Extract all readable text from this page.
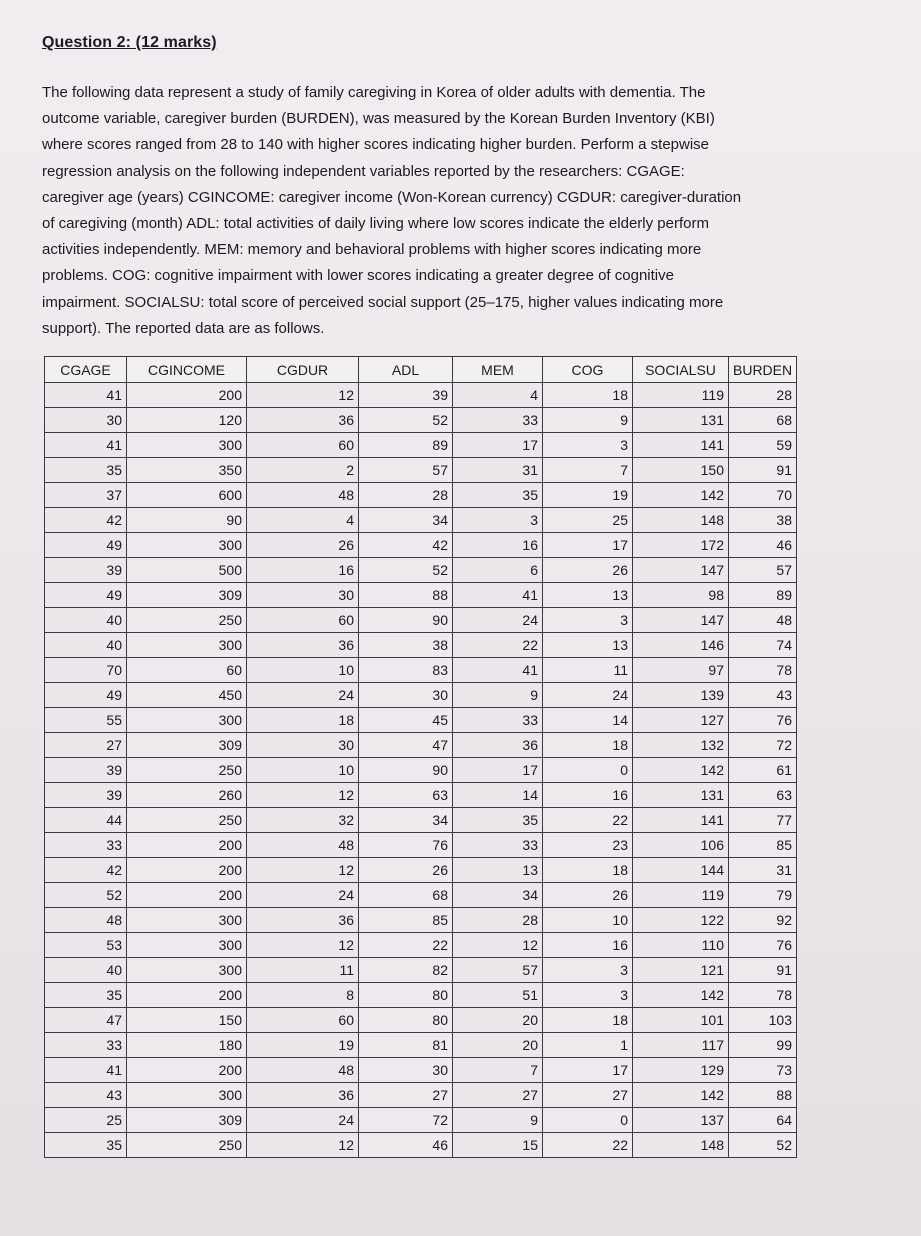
Question 2: (12 marks)

The following data represent a study of family caregiving in Korea of older adults with dementia. The
outcome variable, caregiver burden (BURDEN), was measured by the Korean Burden Inventory (KBI)
where scores ranged from 28 to 140 with higher scores indicating higher burden. Perform a stepwise
regression analysis on the following independent variables reported by the researchers: CGAGE:
caregiver age (years) CGINCOME: caregiver income (Won-Korean currency) CGDUR: caregiver-duration
of caregiving (month) ADL: total activities of daily living where low scores indicate the elderly perform
activities independently. MEM: memory and behavioral problems with higher scores indicating more
problems. COG: cognitive impairment with lower scores indicating a greater degree of cognitive
impairment. SOCIALSU: total score of perceived social support (25–175, higher values indicating more
support). The reported data are as follows.

CGAGE	CGINCOME	CGDUR	ADL	MEM	COG	SOCIALSU	BURDEN
41	200	12	39	4	18	119	28
30	120	36	52	33	9	131	68
41	300	60	89	17	3	141	59
35	350	2	57	31	7	150	91
37	600	48	28	35	19	142	70
42	90	4	34	3	25	148	38
49	300	26	42	16	17	172	46
39	500	16	52	6	26	147	57
49	309	30	88	41	13	98	89
40	250	60	90	24	3	147	48
40	300	36	38	22	13	146	74
70	60	10	83	41	11	97	78
49	450	24	30	9	24	139	43
55	300	18	45	33	14	127	76
27	309	30	47	36	18	132	72
39	250	10	90	17	0	142	61
39	260	12	63	14	16	131	63
44	250	32	34	35	22	141	77
33	200	48	76	33	23	106	85
42	200	12	26	13	18	144	31
52	200	24	68	34	26	119	79
48	300	36	85	28	10	122	92
53	300	12	22	12	16	110	76
40	300	11	82	57	3	121	91
35	200	8	80	51	3	142	78
47	150	60	80	20	18	101	103
33	180	19	81	20	1	117	99
41	200	48	30	7	17	129	73
43	300	36	27	27	27	142	88
25	309	24	72	9	0	137	64
35	250	12	46	15	22	148	52
